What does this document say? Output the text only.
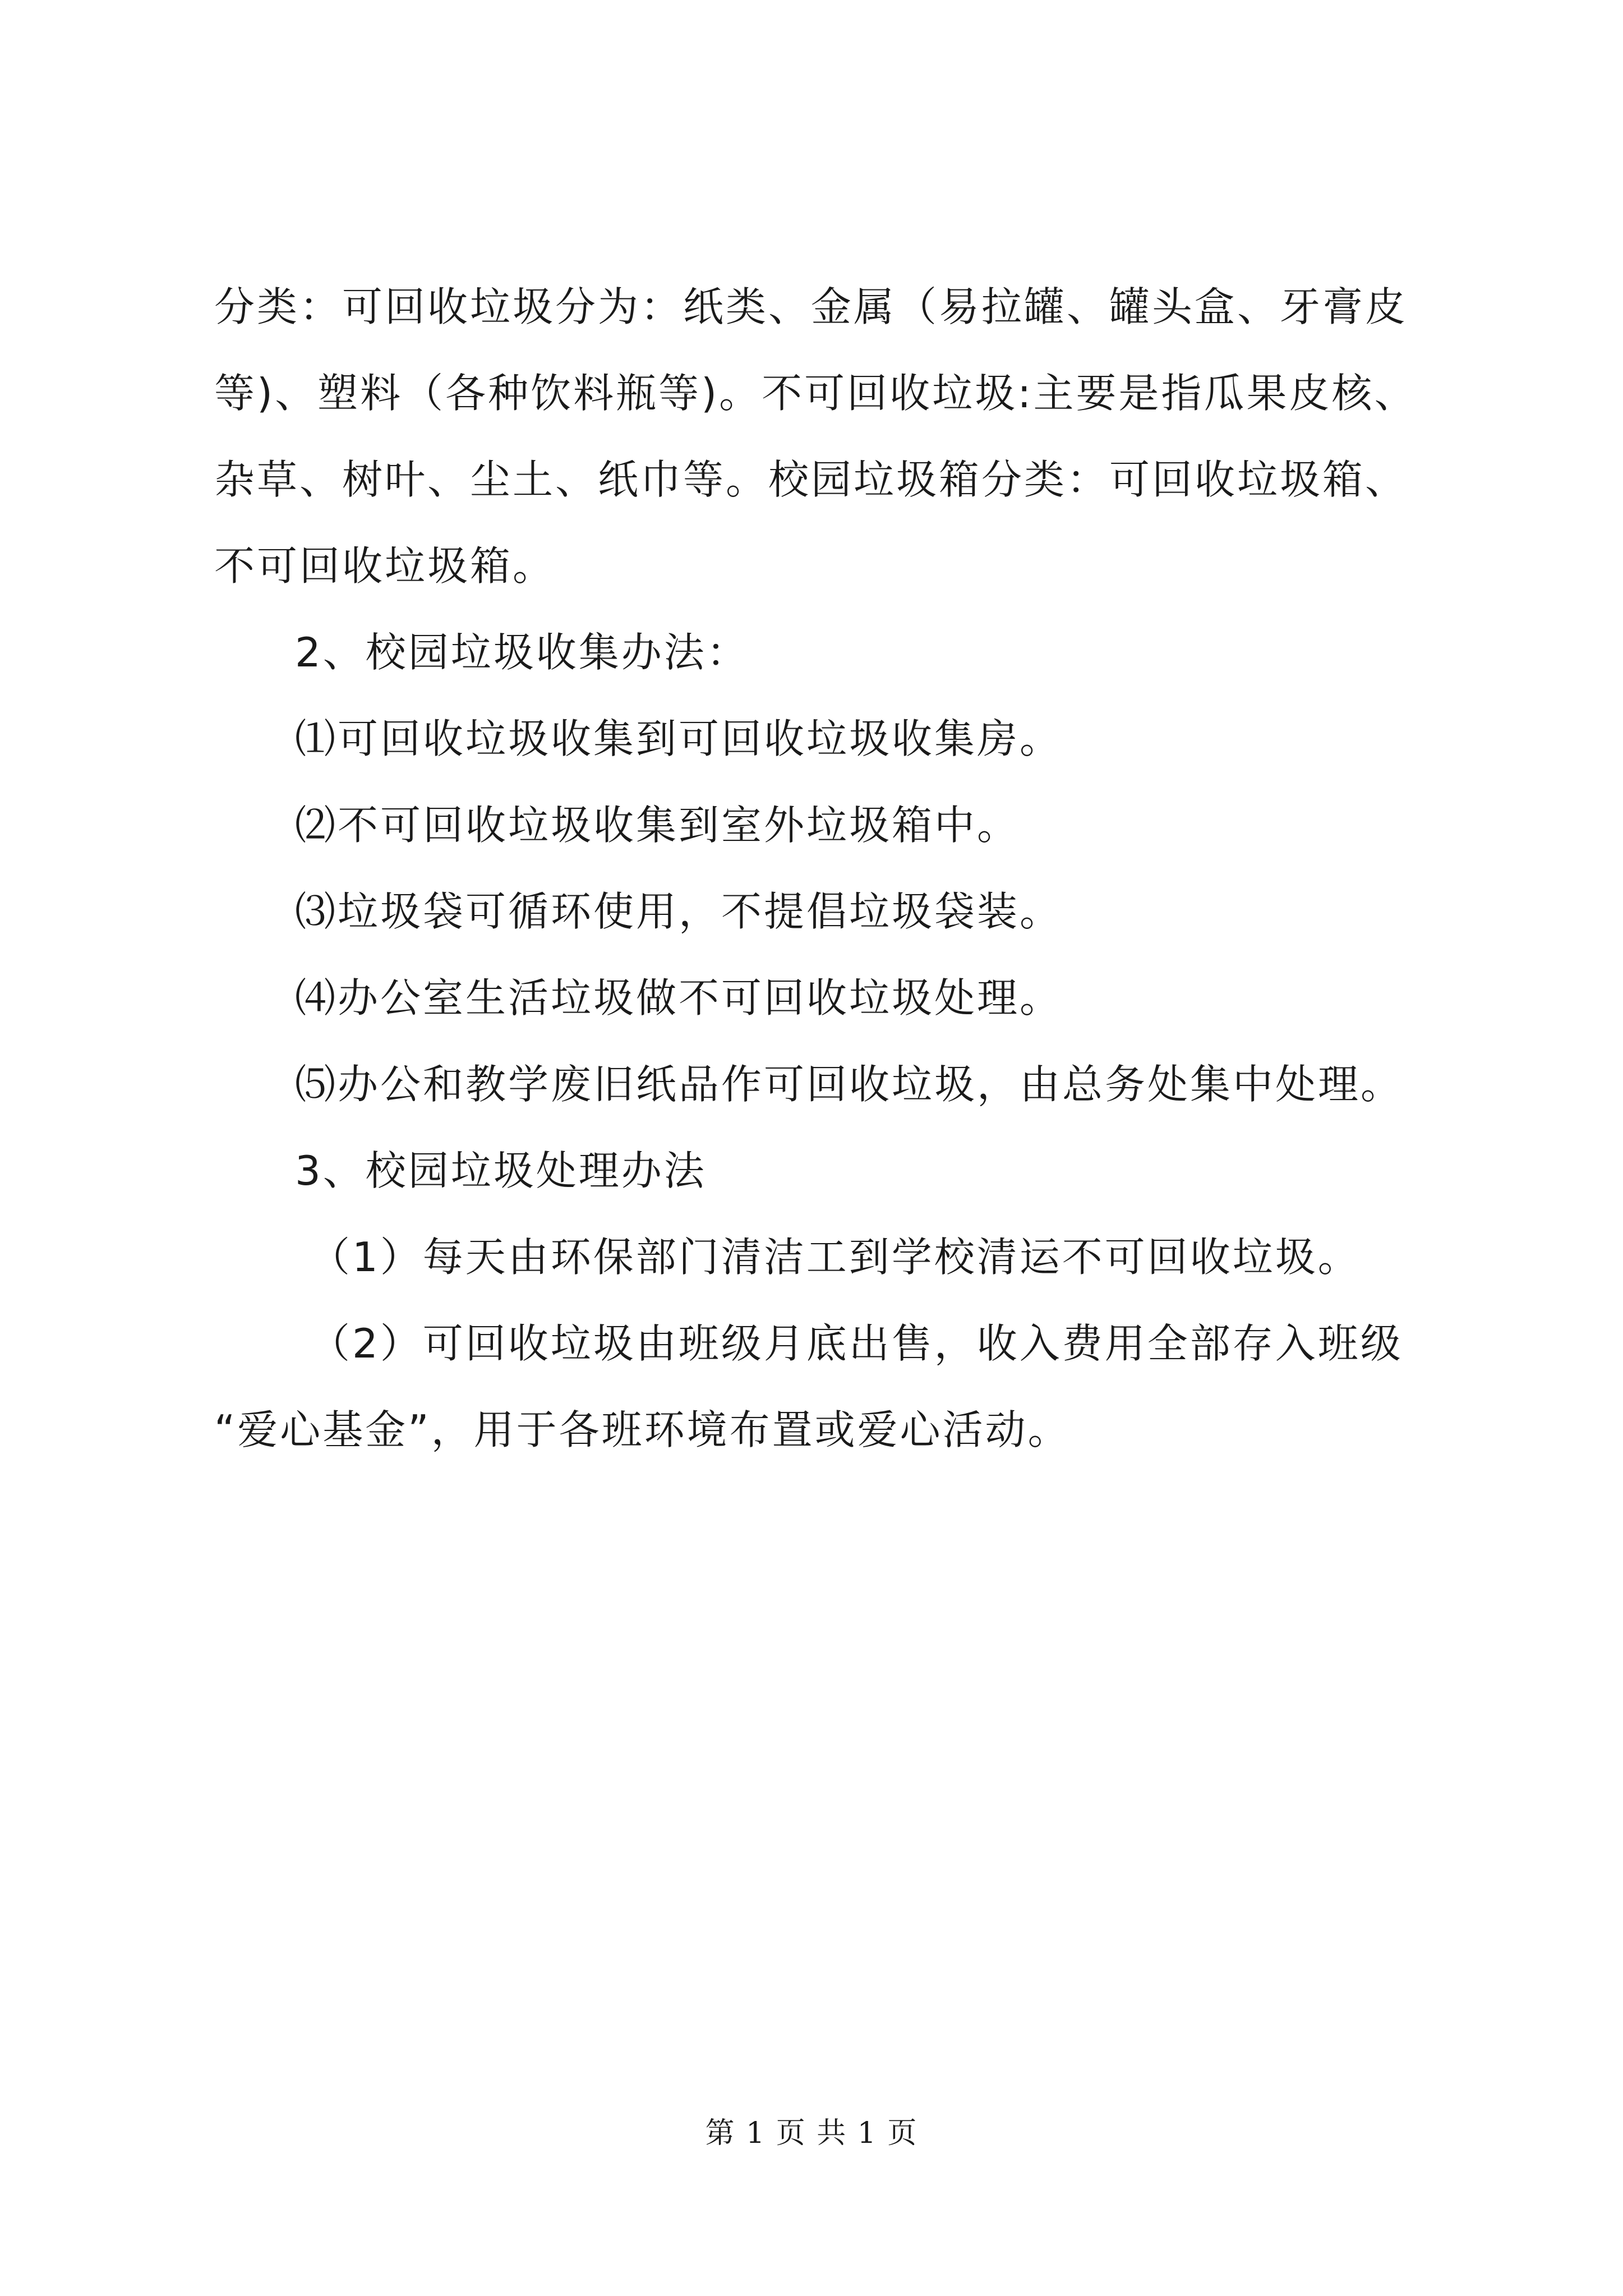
分类：可回收垃圾分为：纸类、金属（易拉罐、罐头盒、牙膏皮

等)、塑料（各种饮料瓶等)。不可回收垃圾:主要是指瓜果皮核、

杂草、树叶、尘土、纸巾等。校园垃圾箱分类：可回收垃圾箱、

不可回收垃圾箱。

2、校园垃圾收集办法：

⑴可回收垃圾收集到可回收垃圾收集房。

⑵不可回收垃圾收集到室外垃圾箱中。

⑶垃圾袋可循环使用，不提倡垃圾袋装。

⑷办公室生活垃圾做不可回收垃圾处理。

⑸办公和教学废旧纸品作可回收垃圾，由总务处集中处理。

3、校园垃圾处理办法

（1）每天由环保部门清洁工到学校清运不可回收垃圾。

（2）可回收垃圾由班级月底出售，收入费用全部存入班级

“爱心基金”，用于各班环境布置或爱心活动。

第 1 页 共 1 页
